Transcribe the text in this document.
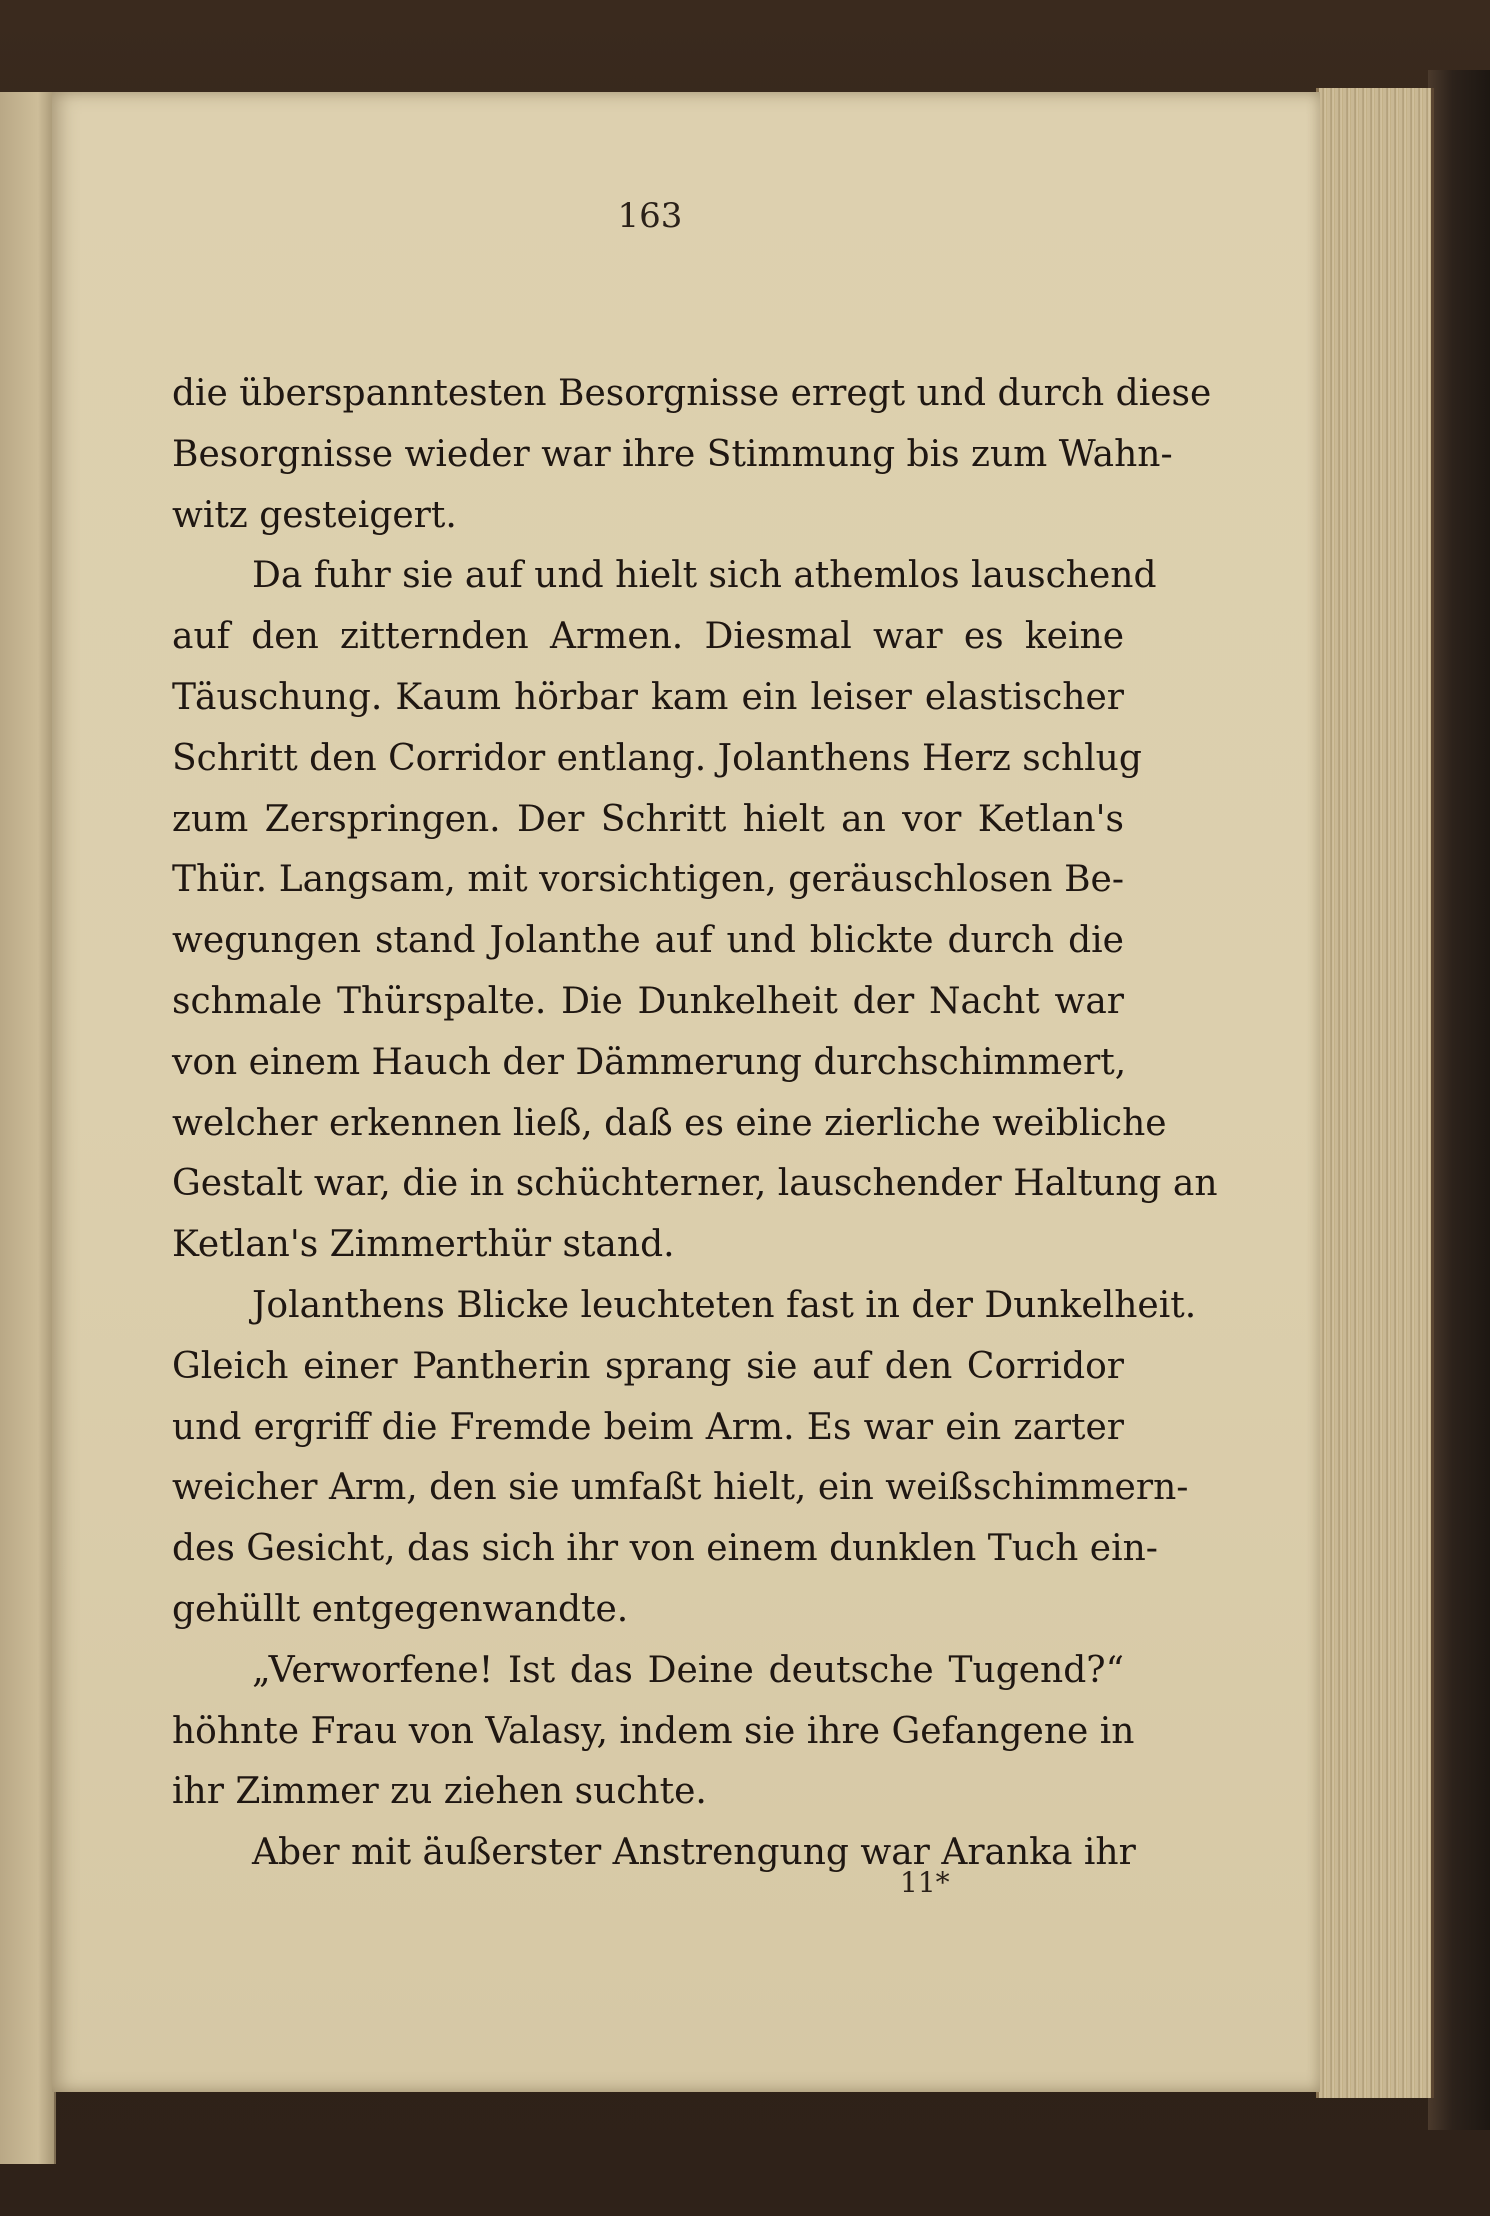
163
die überspanntesten Besorgnisse erregt und durch diese
Besorgnisse wieder war ihre Stimmung bis zum Wahn-
witz gesteigert.
Da fuhr sie auf und hielt sich athemlos lauschend
auf den zitternden Armen. Diesmal war es keine
Täuschung. Kaum hörbar kam ein leiser elastischer
Schritt den Corridor entlang. Jolanthens Herz schlug
zum Zerspringen. Der Schritt hielt an vor Ketlan's
Thür. Langsam, mit vorsichtigen, geräuschlosen Be-
wegungen stand Jolanthe auf und blickte durch die
schmale Thürspalte. Die Dunkelheit der Nacht war
von einem Hauch der Dämmerung durchschimmert,
welcher erkennen ließ, daß es eine zierliche weibliche
Gestalt war, die in schüchterner, lauschender Haltung an
Ketlan's Zimmerthür stand.
Jolanthens Blicke leuchteten fast in der Dunkelheit.
Gleich einer Pantherin sprang sie auf den Corridor
und ergriff die Fremde beim Arm. Es war ein zarter
weicher Arm, den sie umfaßt hielt, ein weißschimmern-
des Gesicht, das sich ihr von einem dunklen Tuch ein-
gehüllt entgegenwandte.
„Verworfene! Ist das Deine deutsche Tugend?“
höhnte Frau von Valasy, indem sie ihre Gefangene in
ihr Zimmer zu ziehen suchte.
Aber mit äußerster Anstrengung war Aranka ihr
11*
